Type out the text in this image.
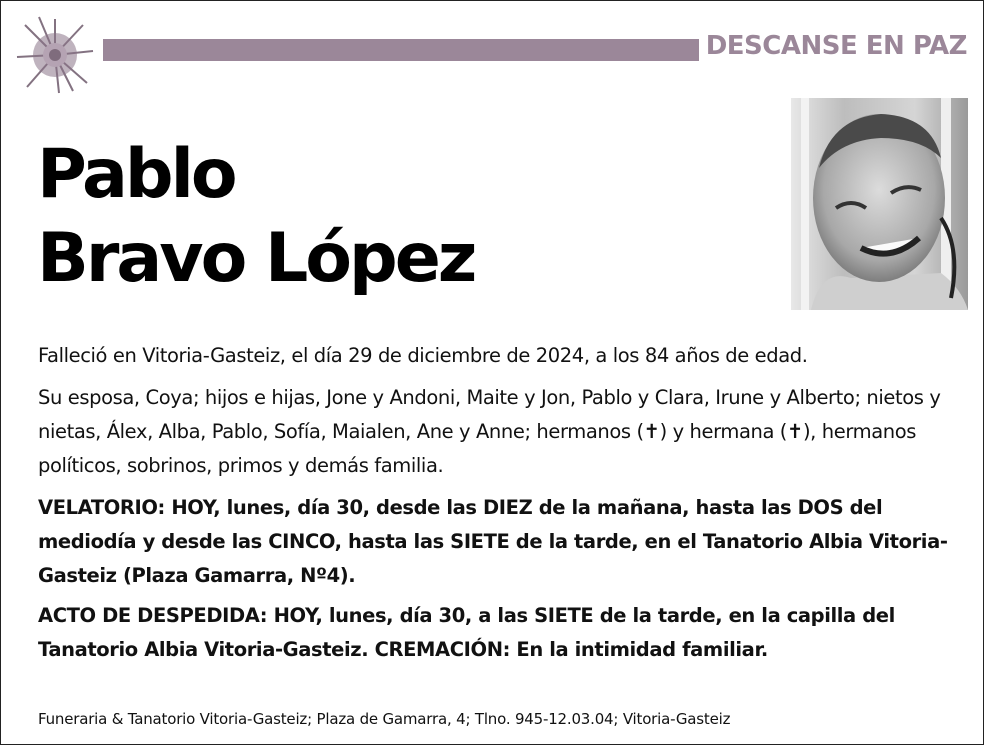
DESCANSE EN PAZ
Pablo
Bravo López
Falleció en Vitoria-Gasteiz, el día 29 de diciembre de 2024, a los 84 años de edad.
Su esposa, Coya; hijos e hijas, Jone y Andoni, Maite y Jon, Pablo y Clara, Irune y Alberto; nietos y nietas, Álex, Alba, Pablo, Sofía, Maialen, Ane y Anne; hermanos (✝) y hermana (✝), hermanos políticos, sobrinos, primos y demás familia.
VELATORIO: HOY, lunes, día 30, desde las DIEZ de la mañana, hasta las DOS del mediodía y desde las CINCO, hasta las SIETE de la tarde, en el Tanatorio Albia Vitoria-Gasteiz (Plaza Gamarra, Nº4).
ACTO DE DESPEDIDA: HOY, lunes, día 30, a las SIETE de la tarde, en la capilla del Tanatorio Albia Vitoria-Gasteiz. CREMACIÓN: En la intimidad familiar.
Funeraria & Tanatorio Vitoria-Gasteiz; Plaza de Gamarra, 4; Tlno. 945-12.03.04; Vitoria-Gasteiz
